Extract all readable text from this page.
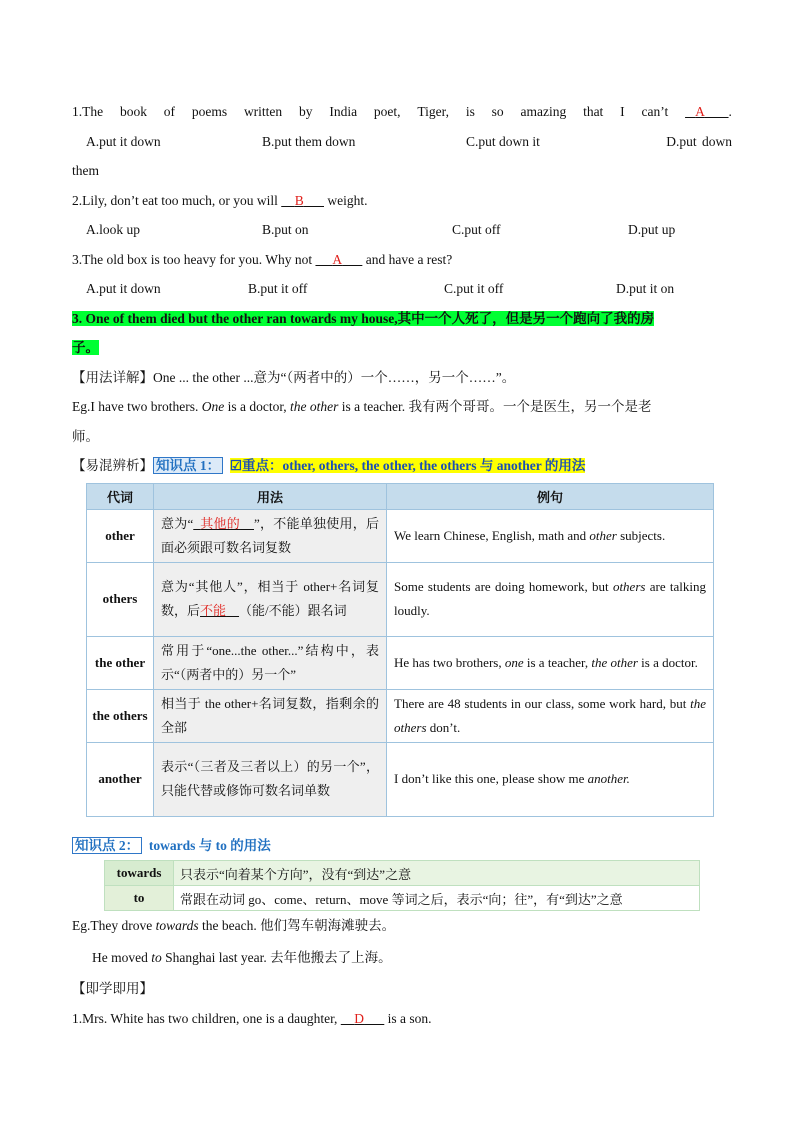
1.The book of poems written by India poet, Tiger, is so amazing that I can’t	A .
A.put it down	B.put them down	C.put down it	D.put down
them
2.Lily, don’t eat too much, or you will B weight.
A.look up	B.put on	C.put off	D.put up
3.The old box is too heavy for you. Why not A and have a rest?
A.put it down	B.put it off	C.put it off	D.put it on
3. One of them died but the other ran towards my house,其中一个人死了，但是另一个跑向了我的房
子。
【用法详解】One ... the other ...意为“（两者中的）一个……，另一个……”。
Eg.I have two brothers. One is a doctor, the other is a teacher. 我有两个哥哥。一个是医生，另一个是老
师。
【易混辨析】 知识点 1： ☑重点：other, others, the other, the others 与 another 的用法
代词	用法	例句
other	意为“ 其他的 ”，不能单独使用，后面必须跟可数名词复数	We learn Chinese, English, math and other subjects.
others	意为“其他人”，相当于 other+名词复数，后不能 （能/不能）跟名词	Some students are doing homework, but others are talking loudly.
the other	常用于“one...the other...”结构中，表示“（两者中的）另一个”	He has two brothers, one is a teacher, the other is a doctor.
the others	相当于 the other+名词复数，指剩余的全部	There are 48 students in our class, some work hard, but the others don’t.
another	表示“（三者及三者以上）的另一个”，只能代替或修饰可数名词单数	I don’t like this one, please show me another.
知识点 2： towards 与 to 的用法
towards	只表示“向着某个方向”，没有“到达”之意
to	常跟在动词 go、come、return、move 等词之后，表示“向；往”，有“到达”之意
Eg.They drove towards the beach. 他们驾车朝海滩驶去。
He moved to Shanghai last year. 去年他搬去了上海。
【即学即用】
1.Mrs. White has two children, one is a daughter, D is a son.
